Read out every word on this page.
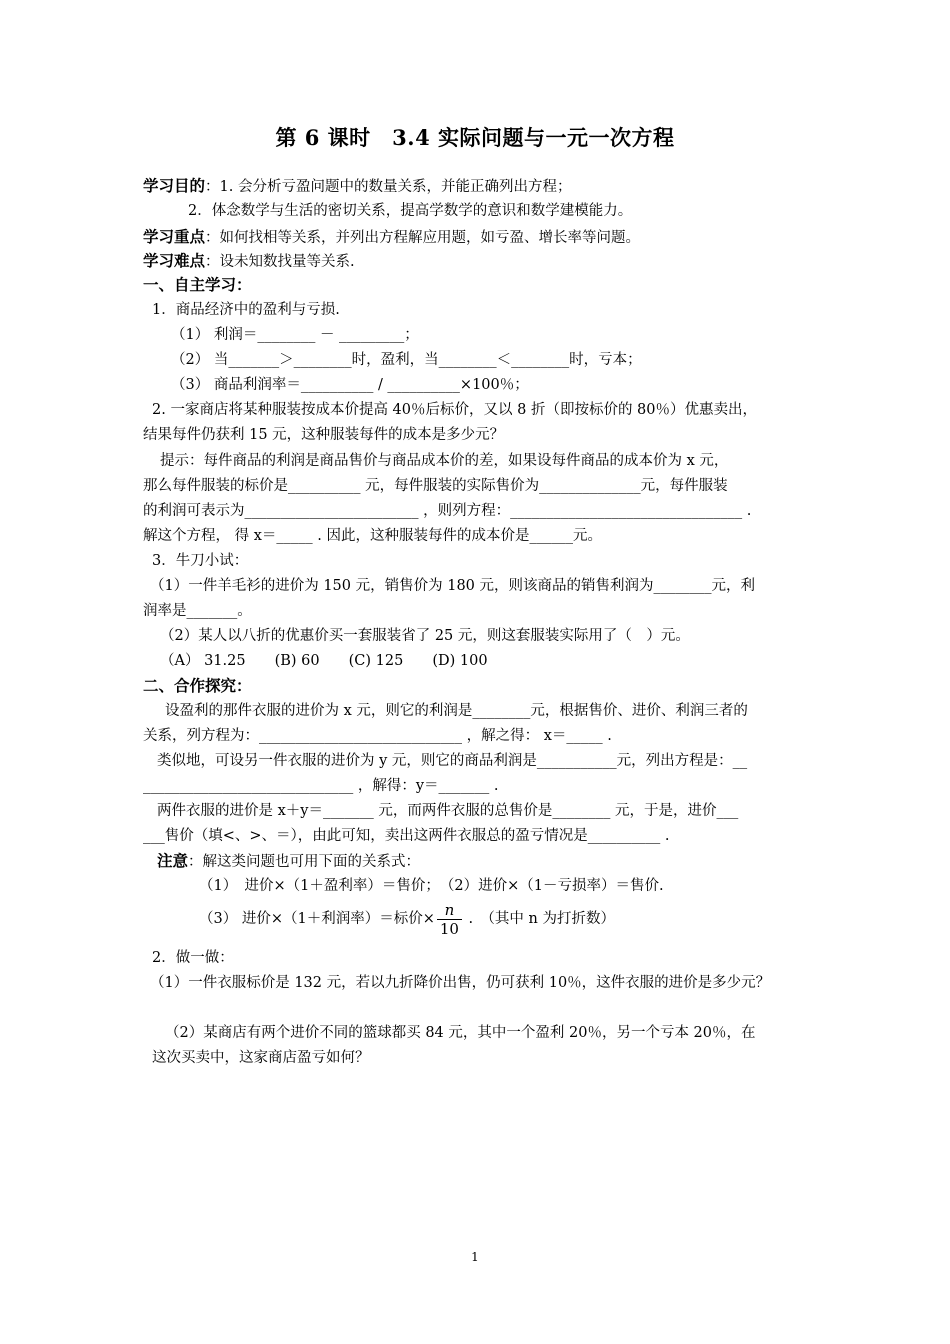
第 6 课时　3.4 实际问题与一元一次方程
学习目的：1. 会分析亏盈问题中的数量关系，并能正确列出方程；
2．体念数学与生活的密切关系，提高学数学的意识和数学建模能力。
学习重点：如何找相等关系，并列出方程解应用题，如亏盈、增长率等问题。
学习难点：设未知数找量等关系.
一、自主学习：
1．商品经济中的盈利与亏损.
（1） 利润＝________ － _________；
（2） 当_______＞________时，盈利，当________＜________时，亏本；
（3） 商品利润率＝__________ / __________×100％；
2. 一家商店将某种服装按成本价提高 40％后标价，又以 8 折（即按标价的 80％）优惠卖出，
结果每件仍获利 15 元，这种服装每件的成本是多少元？
提示：每件商品的利润是商品售价与商品成本价的差，如果设每件商品的成本价为 x 元，
那么每件服装的标价是__________ 元，每件服装的实际售价为______________元，每件服装
的利润可表示为________________________ ，则列方程：________________________________ .
解这个方程， 得 x＝_____ . 因此，这种服装每件的成本价是______元。
3．牛刀小试：
（1）一件羊毛衫的进价为 150 元，销售价为 180 元，则该商品的销售利润为________元，利
润率是_______。
（2）某人以八折的优惠价买一套服装省了 25 元，则这套服装实际用了（　）元。
（A） 31.25　　(B) 60　　(C) 125　　(D) 100
二、合作探究：
设盈利的那件衣服的进价为 x 元，则它的利润是________元，根据售价、进价、利润三者的
关系，列方程为：____________________________ ，解之得： x＝_____ .
类似地，可设另一件衣服的进价为 y 元，则它的商品利润是___________元，列出方程是：__
_____________________________ ，解得：y＝_______ .
两件衣服的进价是 x＋y＝_______ 元，而两件衣服的总售价是________ 元，于是，进价___
___售价（填<、>、＝），由此可知，卖出这两件衣服总的盈亏情况是__________ .
注意：解这类问题也可用下面的关系式：
（1）　进价×（1＋盈利率）＝售价；　（2）进价×（1－亏损率）＝售价.
（3） 进价×（1＋利润率）＝标价× $\frac{n}{10}$ .　（其中 n 为打折数）
2．做一做：
（1）一件衣服标价是 132 元，若以九折降价出售，仍可获利 10％，这件衣服的进价是多少元？
（2）某商店有两个进价不同的篮球都买 84 元，其中一个盈利 20％，另一个亏本 20％，在
这次买卖中，这家商店盈亏如何？
1
